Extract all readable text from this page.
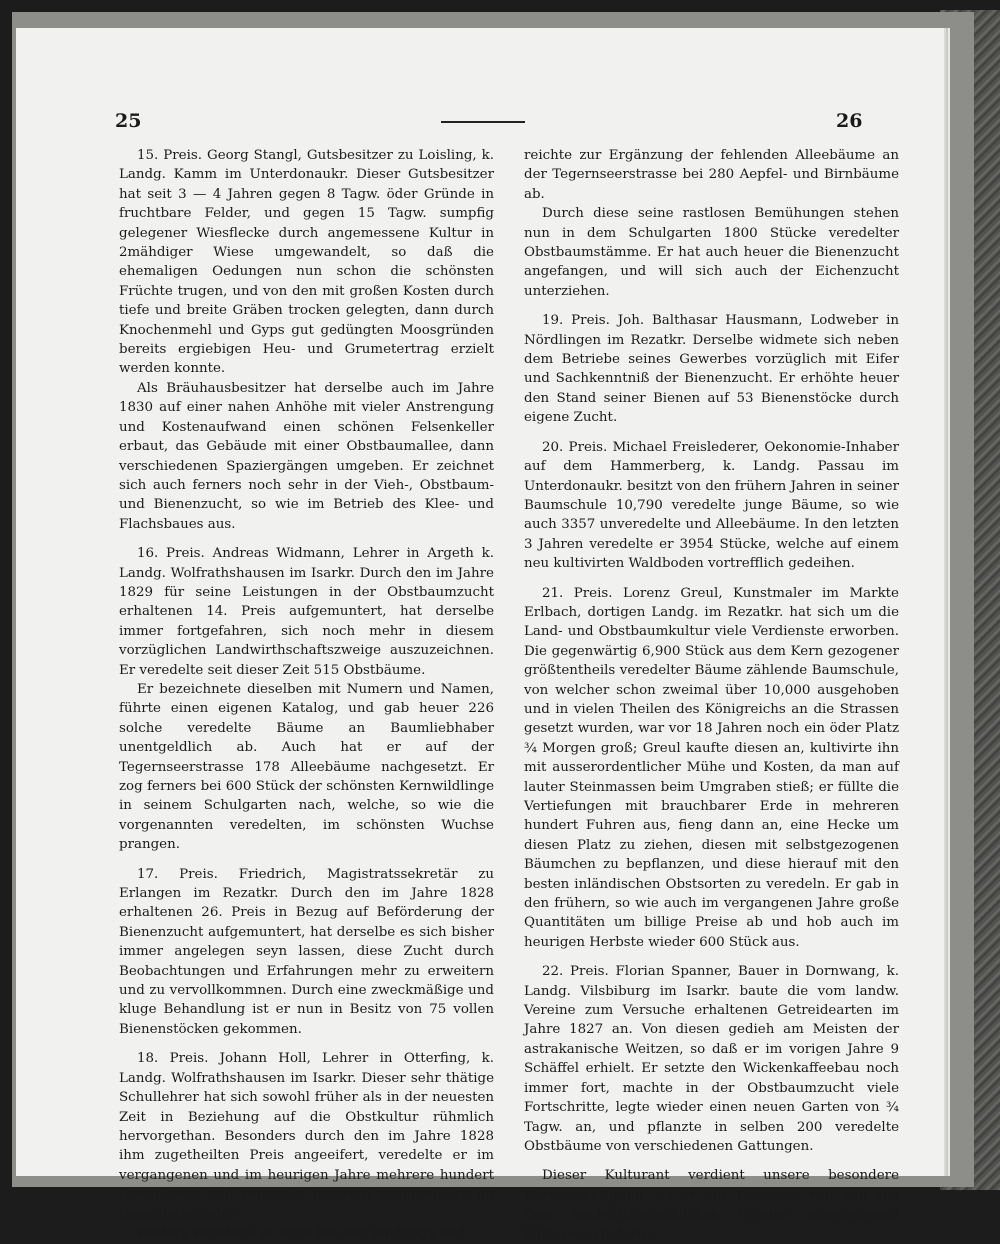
25	26

15. Preis. Georg Stangl, Gutsbesitzer zu Loisling, k. Landg. Kamm im Unterdonaukr. Dieser Gutsbesitzer hat seit 3 — 4 Jahren gegen 8 Tagw. öder Gründe in fruchtbare Felder, und gegen 15 Tagw. sumpfig gelegener Wiesflecke durch angemessene Kultur in 2mähdiger Wiese umgewandelt, so daß die ehemaligen Oedungen nun schon die schönsten Früchte trugen, und von den mit großen Kosten durch tiefe und breite Gräben trocken gelegten, dann durch Knochenmehl und Gyps gut gedüngten Moosgründen bereits ergiebigen Heu- und Grumetertrag erzielt werden konnte.

Als Bräuhausbesitzer hat derselbe auch im Jahre 1830 auf einer nahen Anhöhe mit vieler Anstrengung und Kostenaufwand einen schönen Felsenkeller erbaut, das Gebäude mit einer Obstbaumallee, dann verschiedenen Spaziergängen umgeben. Er zeichnet sich auch ferners noch sehr in der Vieh-, Obstbaum- und Bienenzucht, so wie im Betrieb des Klee- und Flachsbaues aus.

16. Preis. Andreas Widmann, Lehrer in Argeth k. Landg. Wolfrathshausen im Isarkr. Durch den im Jahre 1829 für seine Leistungen in der Obstbaumzucht erhaltenen 14. Preis aufgemuntert, hat derselbe immer fortgefahren, sich noch mehr in diesem vorzüglichen Landwirthschaftszweige auszuzeichnen. Er veredelte seit dieser Zeit 515 Obstbäume.

Er bezeichnete dieselben mit Numern und Namen, führte einen eigenen Katalog, und gab heuer 226 solche veredelte Bäume an Baumliebhaber unentgeldlich ab. Auch hat er auf der Tegernseerstrasse 178 Alleebäume nachgesetzt. Er zog ferners bei 600 Stück der schönsten Kernwildlinge in seinem Schulgarten nach, welche, so wie die vorgenannten veredelten, im schönsten Wuchse prangen.

17. Preis. Friedrich, Magistratssekretär zu Erlangen im Rezatkr. Durch den im Jahre 1828 erhaltenen 26. Preis in Bezug auf Beförderung der Bienenzucht aufgemuntert, hat derselbe es sich bisher immer angelegen seyn lassen, diese Zucht durch Beobachtungen und Erfahrungen mehr zu erweitern und zu vervollkommnen. Durch eine zweckmäßige und kluge Behandlung ist er nun in Besitz von 75 vollen Bienenstöcken gekommen.

18. Preis. Johann Holl, Lehrer in Otterfing, k. Landg. Wolfrathshausen im Isarkr. Dieser sehr thätige Schullehrer hat sich sowohl früher als in der neuesten Zeit in Beziehung auf die Obstkultur rühmlich hervorgethan. Besonders durch den im Jahre 1828 ihm zugetheilten Preis angeeifert, veredelte er im vergangenen und im heurigen Jahre mehrere hundert Obstbäume, und vertheilte mehrere unentgeldlich an Gemeindeglieder.

Weiters veredelte er auch bei 600 Wildlinge und

reichte zur Ergänzung der fehlenden Alleebäume an der Tegernseerstrasse bei 280 Aepfel- und Birnbäume ab.

Durch diese seine rastlosen Bemühungen stehen nun in dem Schulgarten 1800 Stücke veredelter Obstbaumstämme. Er hat auch heuer die Bienenzucht angefangen, und will sich auch der Eichenzucht unterziehen.

19. Preis. Joh. Balthasar Hausmann, Lodweber in Nördlingen im Rezatkr. Derselbe widmete sich neben dem Betriebe seines Gewerbes vorzüglich mit Eifer und Sachkenntniß der Bienenzucht. Er erhöhte heuer den Stand seiner Bienen auf 53 Bienenstöcke durch eigene Zucht.

20. Preis. Michael Freislederer, Oekonomie-Inhaber auf dem Hammerberg, k. Landg. Passau im Unterdonaukr. besitzt von den frühern Jahren in seiner Baumschule 10,790 veredelte junge Bäume, so wie auch 3357 unveredelte und Alleebäume. In den letzten 3 Jahren veredelte er 3954 Stücke, welche auf einem neu kultivirten Waldboden vortrefflich gedeihen.

21. Preis. Lorenz Greul, Kunstmaler im Markte Erlbach, dortigen Landg. im Rezatkr. hat sich um die Land- und Obstbaumkultur viele Verdienste erworben. Die gegenwärtig 6,900 Stück aus dem Kern gezogener größtentheils veredelter Bäume zählende Baumschule, von welcher schon zweimal über 10,000 ausgehoben und in vielen Theilen des Königreichs an die Strassen gesetzt wurden, war vor 18 Jahren noch ein öder Platz ¾ Morgen groß; Greul kaufte diesen an, kultivirte ihn mit ausserordentlicher Mühe und Kosten, da man auf lauter Steinmassen beim Umgraben stieß; er füllte die Vertiefungen mit brauchbarer Erde in mehreren hundert Fuhren aus, fieng dann an, eine Hecke um diesen Platz zu ziehen, diesen mit selbstgezogenen Bäumchen zu bepflanzen, und diese hierauf mit den besten inländischen Obstsorten zu veredeln. Er gab in den frühern, so wie auch im vergangenen Jahre große Quantitäten um billige Preise ab und hob auch im heurigen Herbste wieder 600 Stück aus.

22. Preis. Florian Spanner, Bauer in Dornwang, k. Landg. Vilsbiburg im Isarkr. baute die vom landw. Vereine zum Versuche erhaltenen Getreidearten im Jahre 1827 an. Von diesen gedieh am Meisten der astrakanische Weitzen, so daß er im vorigen Jahre 9 Schäffel erhielt. Er setzte den Wickenkaffeebau noch immer fort, machte in der Obstbaumzucht viele Fortschritte, legte wieder einen neuen Garten von ¾ Tagw. an, und pflanzte in selben 200 veredelte Obstbäume von verschiedenen Gattungen.

Dieser Kulturant verdient unsere besondere Berücksichtigung, da er uns Resultate von den aus dem landwirthschaftlichen Vereine abgegebenen Sämereien lieferte.
